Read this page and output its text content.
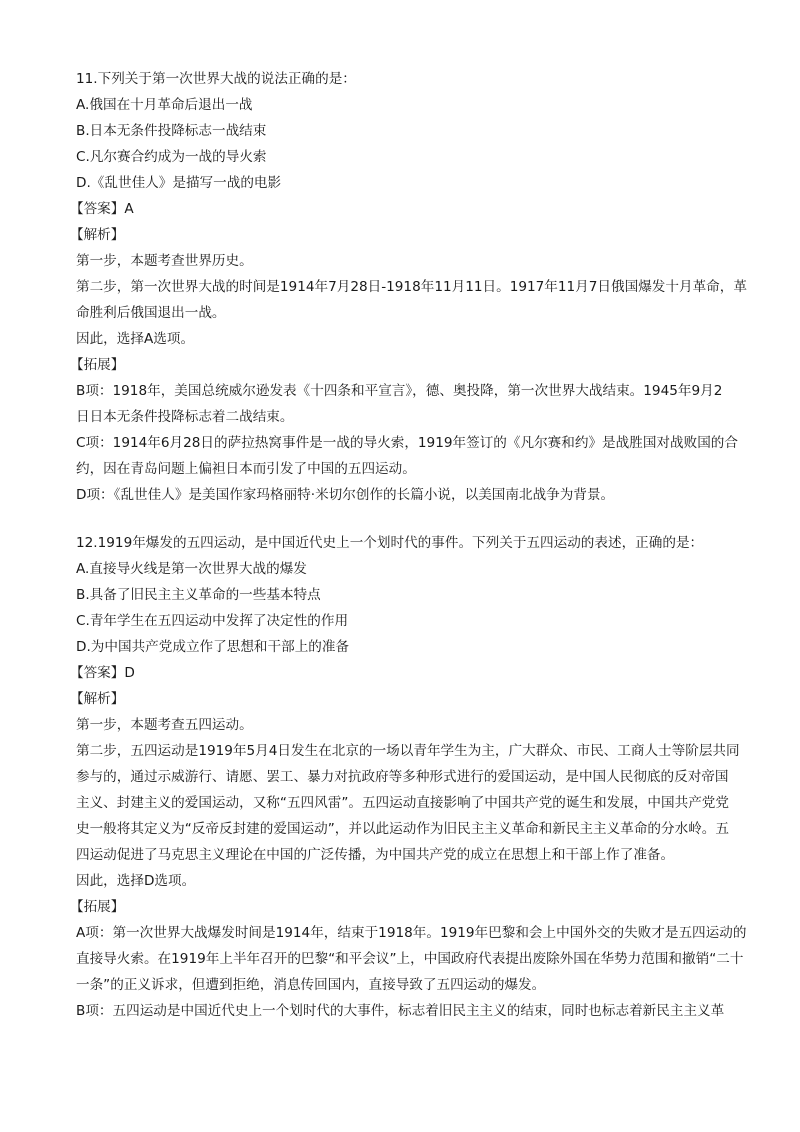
11.下列关于第一次世界大战的说法正确的是：
A.俄国在十月革命后退出一战
B.日本无条件投降标志一战结束
C.凡尔赛合约成为一战的导火索
D.《乱世佳人》是描写一战的电影
【答案】A
【解析】
第一步，本题考查世界历史。
第二步，第一次世界大战的时间是1914年7月28日-1918年11月11日。1917年11月7日俄国爆发十月革命，革
命胜利后俄国退出一战。
因此，选择A选项。
【拓展】
B项：1918年，美国总统威尔逊发表《十四条和平宣言》，德、奥投降，第一次世界大战结束。1945年9月2
日日本无条件投降标志着二战结束。
C项：1914年6月28日的萨拉热窝事件是一战的导火索，1919年签订的《凡尔赛和约》是战胜国对战败国的合
约，因在青岛问题上偏袒日本而引发了中国的五四运动。
D项：《乱世佳人》是美国作家玛格丽特·米切尔创作的长篇小说，以美国南北战争为背景。
12.1919年爆发的五四运动，是中国近代史上一个划时代的事件。下列关于五四运动的表述，正确的是：
A.直接导火线是第一次世界大战的爆发
B.具备了旧民主主义革命的一些基本特点
C.青年学生在五四运动中发挥了决定性的作用
D.为中国共产党成立作了思想和干部上的准备
【答案】D
【解析】
第一步，本题考查五四运动。
第二步，五四运动是1919年5月4日发生在北京的一场以青年学生为主，广大群众、市民、工商人士等阶层共同
参与的，通过示威游行、请愿、罢工、暴力对抗政府等多种形式进行的爱国运动，是中国人民彻底的反对帝国
主义、封建主义的爱国运动，又称“五四风雷”。五四运动直接影响了中国共产党的诞生和发展，中国共产党党
史一般将其定义为“反帝反封建的爱国运动”，并以此运动作为旧民主主义革命和新民主主义革命的分水岭。五
四运动促进了马克思主义理论在中国的广泛传播，为中国共产党的成立在思想上和干部上作了准备。
因此，选择D选项。
【拓展】
A项：第一次世界大战爆发时间是1914年，结束于1918年。1919年巴黎和会上中国外交的失败才是五四运动的
直接导火索。在1919年上半年召开的巴黎“和平会议”上，中国政府代表提出废除外国在华势力范围和撤销“二十
一条”的正义诉求，但遭到拒绝，消息传回国内，直接导致了五四运动的爆发。
B项：五四运动是中国近代史上一个划时代的大事件，标志着旧民主主义的结束，同时也标志着新民主主义革
